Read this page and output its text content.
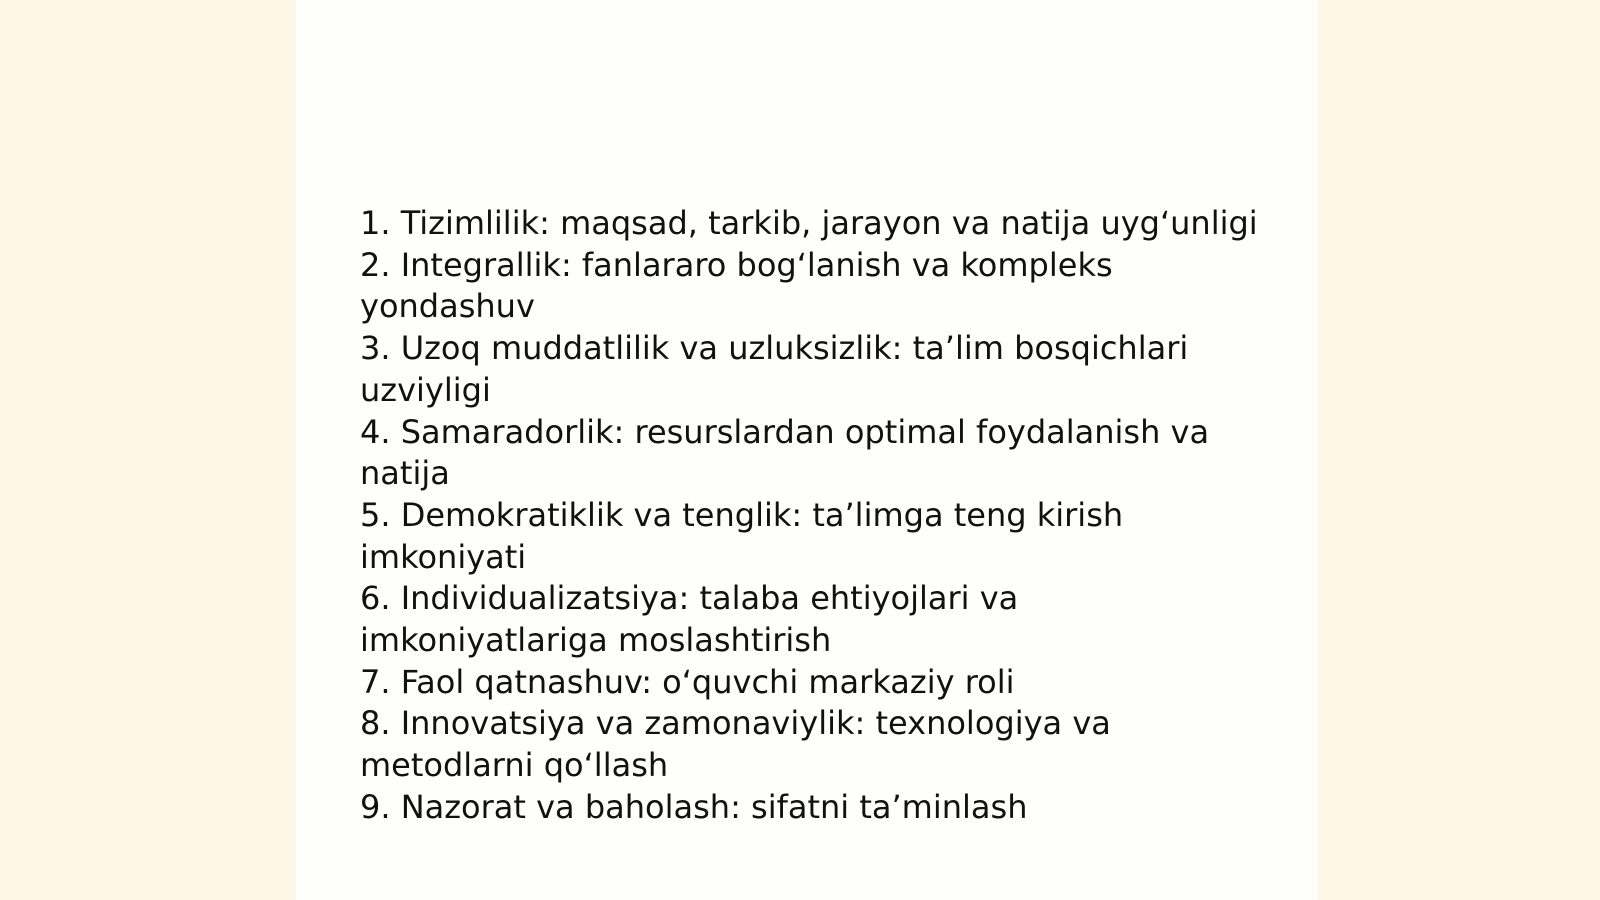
1. Tizimlilik: maqsad, tarkib, jarayon va natija uyg‘unligi
2. Integrallik: fanlararo bog‘lanish va kompleks yondashuv
3. Uzoq muddatlilik va uzluksizlik: ta’lim bosqichlari uzviyligi
4. Samaradorlik: resurslardan optimal foydalanish va natija
5. Demokratiklik va tenglik: ta’limga teng kirish imkoniyati
6. Individualizatsiya: talaba ehtiyojlari va imkoniyatlariga moslashtirish
7. Faol qatnashuv: o‘quvchi markaziy roli
8. Innovatsiya va zamonaviylik: texnologiya va metodlarni qo‘llash
9. Nazorat va baholash: sifatni ta’minlash
